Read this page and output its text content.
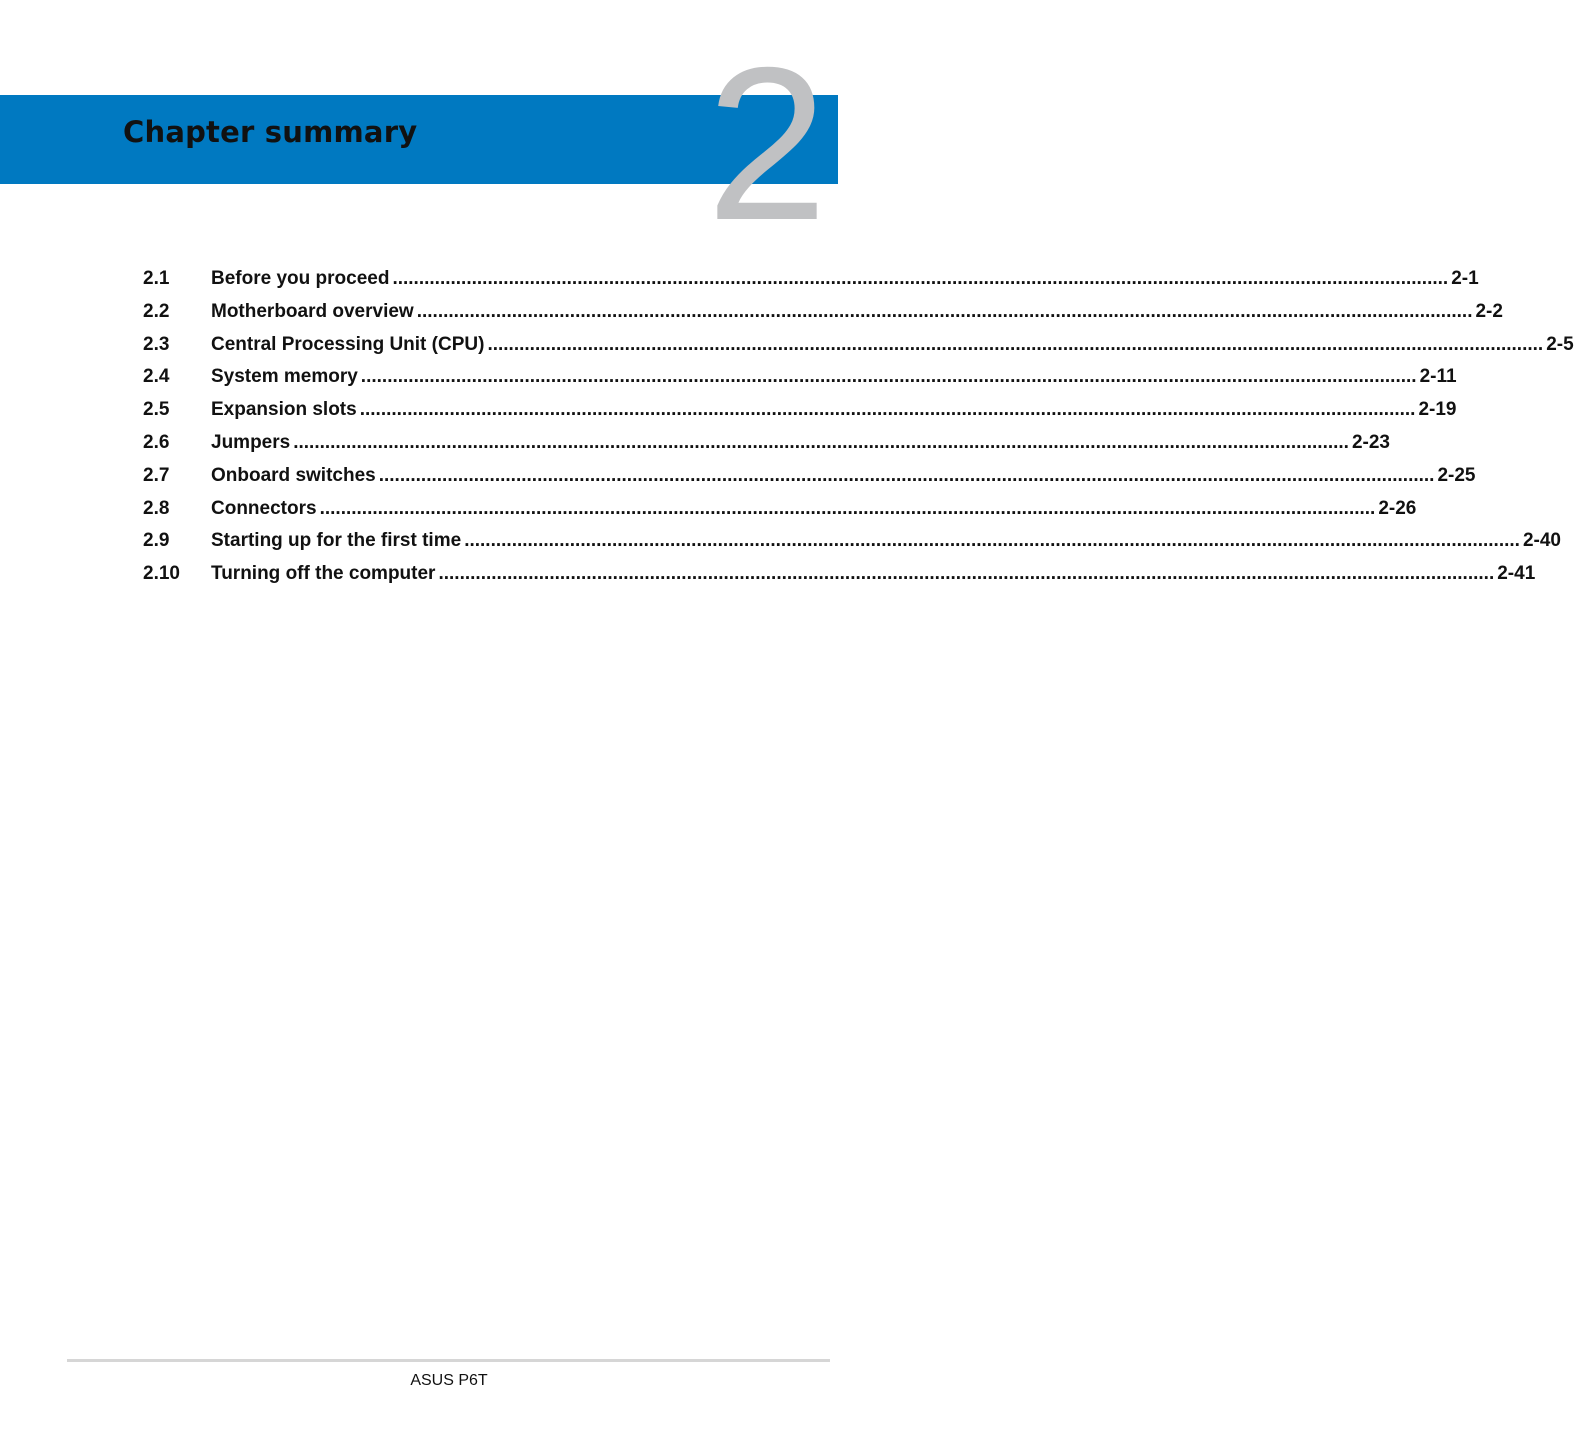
2
Chapter summary
2.1	Before you proceed ........................................................................................................................................................................................................ 2-1
2.2	Motherboard overview ........................................................................................................................................................................................................ 2-2
2.3	Central Processing Unit (CPU) ........................................................................................................................................................................................................ 2-5
2.4	System memory ........................................................................................................................................................................................................ 2-11
2.5	Expansion slots ........................................................................................................................................................................................................ 2-19
2.6	Jumpers ........................................................................................................................................................................................................ 2-23
2.7	Onboard switches ........................................................................................................................................................................................................ 2-25
2.8	Connectors ........................................................................................................................................................................................................ 2-26
2.9	Starting up for the first time ........................................................................................................................................................................................................ 2-40
2.10	Turning off the computer ........................................................................................................................................................................................................ 2-41
ASUS P6T
